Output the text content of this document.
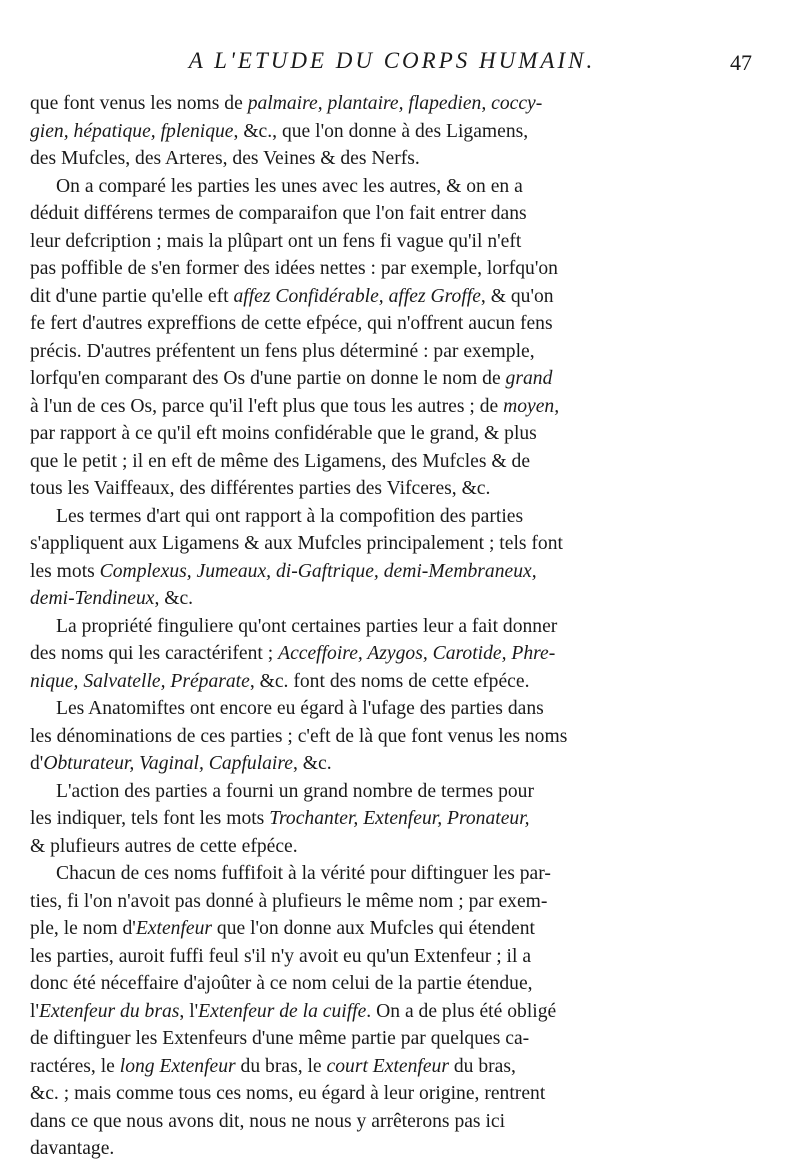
A L'ETUDE DU CORPS HUMAIN.	47
que font venus les noms de palmaire, plantaire, flapedien, coccy-
gien, hépatique, fplenique, &c., que l'on donne à des Ligamens,
des Mufcles, des Arteres, des Veines & des Nerfs.
On a comparé les parties les unes avec les autres, & on en a
déduit différens termes de comparaifon que l'on fait entrer dans
leur defcription ; mais la plûpart ont un fens fi vague qu'il n'eft
pas poffible de s'en former des idées nettes : par exemple, lorfqu'on
dit d'une partie qu'elle eft affez Confidérable, affez Groffe, & qu'on
fe fert d'autres expreffions de cette efpéce, qui n'offrent aucun fens
précis. D'autres préfentent un fens plus déterminé : par exemple,
lorfqu'en comparant des Os d'une partie on donne le nom de grand
à l'un de ces Os, parce qu'il l'eft plus que tous les autres ; de moyen,
par rapport à ce qu'il eft moins confidérable que le grand, & plus
que le petit ; il en eft de même des Ligamens, des Mufcles & de
tous les Vaiffeaux, des différentes parties des Vifceres, &c.
Les termes d'art qui ont rapport à la compofition des parties
s'appliquent aux Ligamens & aux Mufcles principalement ; tels font
les mots Complexus, Jumeaux, di-Gaftrique, demi-Membraneux,
demi-Tendineux, &c.
La propriété finguliere qu'ont certaines parties leur a fait donner
des noms qui les caractérifent ; Acceffoire, Azygos, Carotide, Phre-
nique, Salvatelle, Préparate, &c. font des noms de cette efpéce.
Les Anatomiftes ont encore eu égard à l'ufage des parties dans
les dénominations de ces parties ; c'eft de là que font venus les noms
d'Obturateur, Vaginal, Capfulaire, &c.
L'action des parties a fourni un grand nombre de termes pour
les indiquer, tels font les mots Trochanter, Extenfeur, Pronateur,
& plufieurs autres de cette efpéce.
Chacun de ces noms fuffifoit à la vérité pour diftinguer les par-
ties, fi l'on n'avoit pas donné à plufieurs le même nom ; par exem-
ple, le nom d'Extenfeur que l'on donne aux Mufcles qui étendent
les parties, auroit fuffi feul s'il n'y avoit eu qu'un Extenfeur ; il a
donc été néceffaire d'ajoûter à ce nom celui de la partie étendue,
l'Extenfeur du bras, l'Extenfeur de la cuiffe. On a de plus été obligé
de diftinguer les Extenfeurs d'une même partie par quelques ca-
ractéres, le long Extenfeur du bras, le court Extenfeur du bras,
&c. ; mais comme tous ces noms, eu égard à leur origine, rentrent
dans ce que nous avons dit, nous ne nous y arrêterons pas ici
davantage.
